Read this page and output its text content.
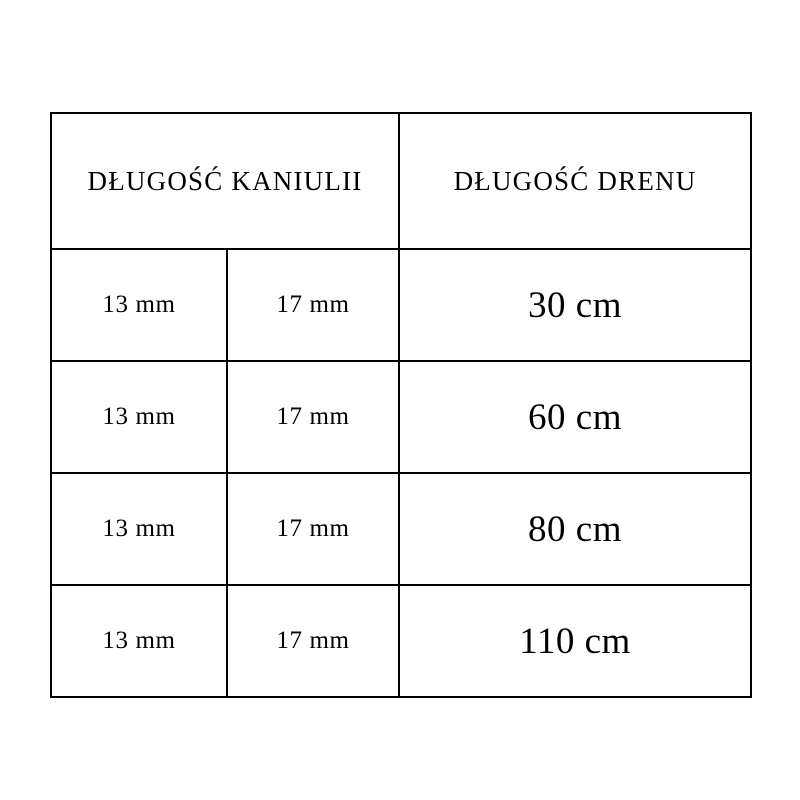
DŁUGOŚĆ KANIULII		DŁUGOŚĆ DRENU
13 mm	17 mm	30 cm
13 mm	17 mm	60 cm
13 mm	17 mm	80 cm
13 mm	17 mm	110 cm
